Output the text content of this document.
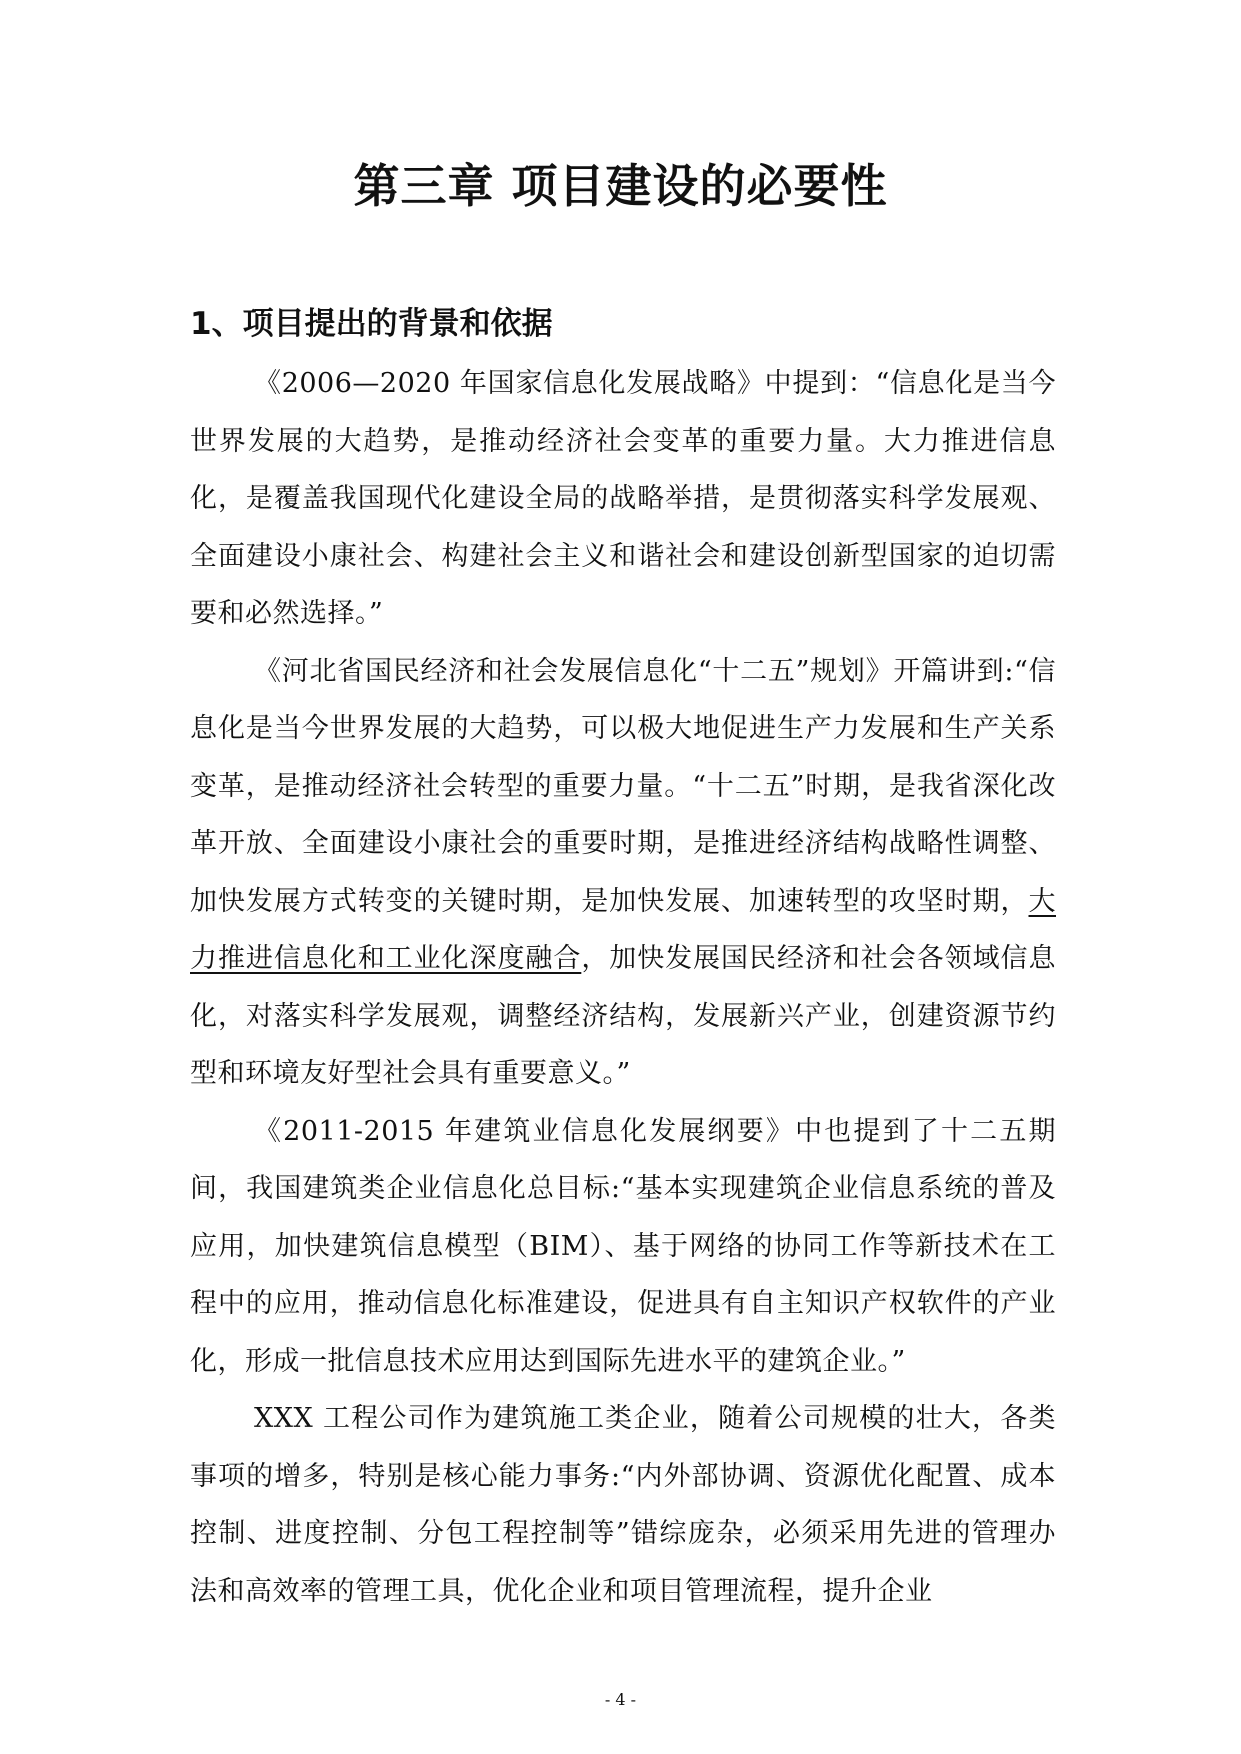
第三章 项目建设的必要性
1、项目提出的背景和依据

《2006—2020 年国家信息化发展战略》中提到：“信息化是当今世界发展的大趋势，是推动经济社会变革的重要力量。大力推进信息化，是覆盖我国现代化建设全局的战略举措，是贯彻落实科学发展观、全面建设小康社会、构建社会主义和谐社会和建设创新型国家的迫切需要和必然选择。”

《河北省国民经济和社会发展信息化“十二五”规划》开篇讲到:“信息化是当今世界发展的大趋势，可以极大地促进生产力发展和生产关系变革，是推动经济社会转型的重要力量。“十二五”时期，是我省深化改革开放、全面建设小康社会的重要时期，是推进经济结构战略性调整、加快发展方式转变的关键时期，是加快发展、加速转型的攻坚时期，大力推进信息化和工业化深度融合，加快发展国民经济和社会各领域信息化，对落实科学发展观，调整经济结构，发展新兴产业，创建资源节约型和环境友好型社会具有重要意义。”

《2011-2015 年建筑业信息化发展纲要》中也提到了十二五期间，我国建筑类企业信息化总目标:“基本实现建筑企业信息系统的普及应用，加快建筑信息模型（BIM）、基于网络的协同工作等新技术在工程中的应用，推动信息化标准建设，促进具有自主知识产权软件的产业化，形成一批信息技术应用达到国际先进水平的建筑企业。”

XXX 工程公司作为建筑施工类企业，随着公司规模的壮大，各类事项的增多，特别是核心能力事务:“内外部协调、资源优化配置、成本控制、进度控制、分包工程控制等”错综庞杂，必须采用先进的管理办法和高效率的管理工具，优化企业和项目管理流程，提升企业

- 4 -
